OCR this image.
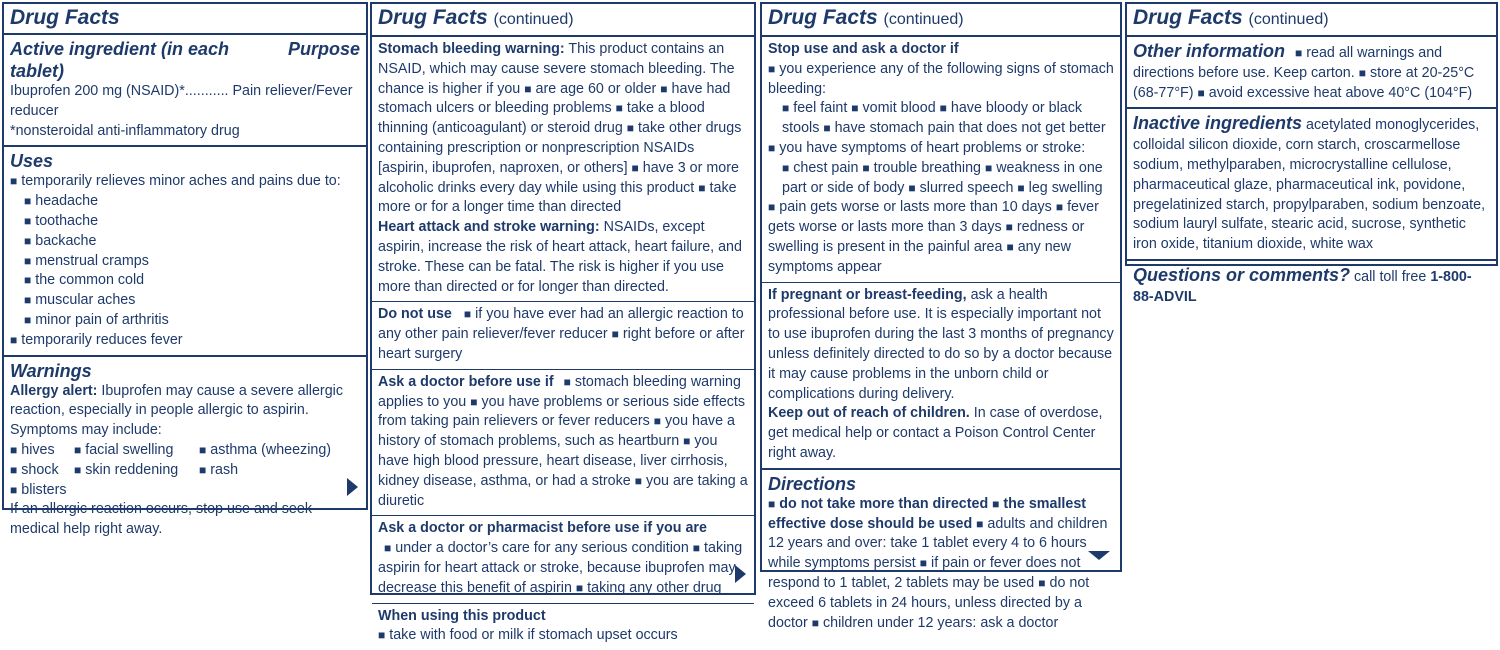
Drug Facts
Active ingredient (in each tablet)
Purpose

Ibuprofen 200 mg (NSAID)*........... Pain reliever/Fever reducer

*nonsteroidal anti-inflammatory drug

Uses

■ temporarily relieves minor aches and pains due to:

■ headache
■ toothache
■ backache
■ menstrual cramps
■ the common cold
■ muscular aches
■ minor pain of arthritis

■ temporarily reduces fever

Warnings

Allergy alert: Ibuprofen may cause a severe allergic reaction, especially in people allergic to aspirin.

Symptoms may include:

■ hives	■ facial swelling	■ asthma (wheezing)
■ shock	■ skin reddening	■ rash
■ blisters

If an allergic reaction occurs, stop use and seek medical help right away.

Drug Facts (continued)

Stomach bleeding warning: This product contains an NSAID, which may cause severe stomach bleeding. The chance is higher if you ■ are age 60 or older ■ have had stomach ulcers or bleeding problems ■ take a blood thinning (anticoagulant) or steroid drug ■ take other drugs containing prescription or nonprescription NSAIDs [aspirin, ibuprofen, naproxen, or others] ■ have 3 or more alcoholic drinks every day while using this product ■ take more or for a longer time than directed

Heart attack and stroke warning: NSAIDs, except aspirin, increase the risk of heart attack, heart failure, and stroke. These can be fatal. The risk is higher if you use more than directed or for longer than directed.

Do not use ■ if you have ever had an allergic reaction to any other pain reliever/fever reducer ■ right before or after heart surgery

Ask a doctor before use if ■ stomach bleeding warning applies to you ■ you have problems or serious side effects from taking pain relievers or fever reducers ■ you have a history of stomach problems, such as heartburn ■ you have high blood pressure, heart disease, liver cirrhosis, kidney disease, asthma, or had a stroke ■ you are taking a diuretic

Ask a doctor or pharmacist before use if you are ■ under a doctor’s care for any serious condition ■ taking aspirin for heart attack or stroke, because ibuprofen may decrease this benefit of aspirin ■ taking any other drug

When using this product

■ take with food or milk if stomach upset occurs

Drug Facts (continued)

Stop use and ask a doctor if

■ you experience any of the following signs of stomach bleeding:

■ feel faint ■ vomit blood ■ have bloody or black stools ■ have stomach pain that does not get better

■ you have symptoms of heart problems or stroke:

■ chest pain ■ trouble breathing ■ weakness in one part or side of body ■ slurred speech ■ leg swelling

■ pain gets worse or lasts more than 10 days ■ fever gets worse or lasts more than 3 days ■ redness or swelling is present in the painful area ■ any new symptoms appear

If pregnant or breast-feeding, ask a health professional before use. It is especially important not to use ibuprofen during the last 3 months of pregnancy unless definitely directed to do so by a doctor because it may cause problems in the unborn child or complications during delivery.

Keep out of reach of children. In case of overdose, get medical help or contact a Poison Control Center right away.

Directions

■ do not take more than directed ■ the smallest effective dose should be used ■ adults and children 12 years and over: take 1 tablet every 4 to 6 hours while symptoms persist ■ if pain or fever does not respond to 1 tablet, 2 tablets may be used ■ do not exceed 6 tablets in 24 hours, unless directed by a doctor ■ children under 12 years: ask a doctor

Drug Facts (continued)

Other information ■ read all warnings and directions before use. Keep carton. ■ store at 20-25°C (68-77°F) ■ avoid excessive heat above 40°C (104°F)

Inactive ingredients acetylated monoglycerides, colloidal silicon dioxide, corn starch, croscarmellose sodium, methylparaben, microcrystalline cellulose, pharmaceutical glaze, pharmaceutical ink, povidone, pregelatinized starch, propylparaben, sodium benzoate, sodium lauryl sulfate, stearic acid, sucrose, synthetic iron oxide, titanium dioxide, white wax

Questions or comments? call toll free 1-800-88-ADVIL
